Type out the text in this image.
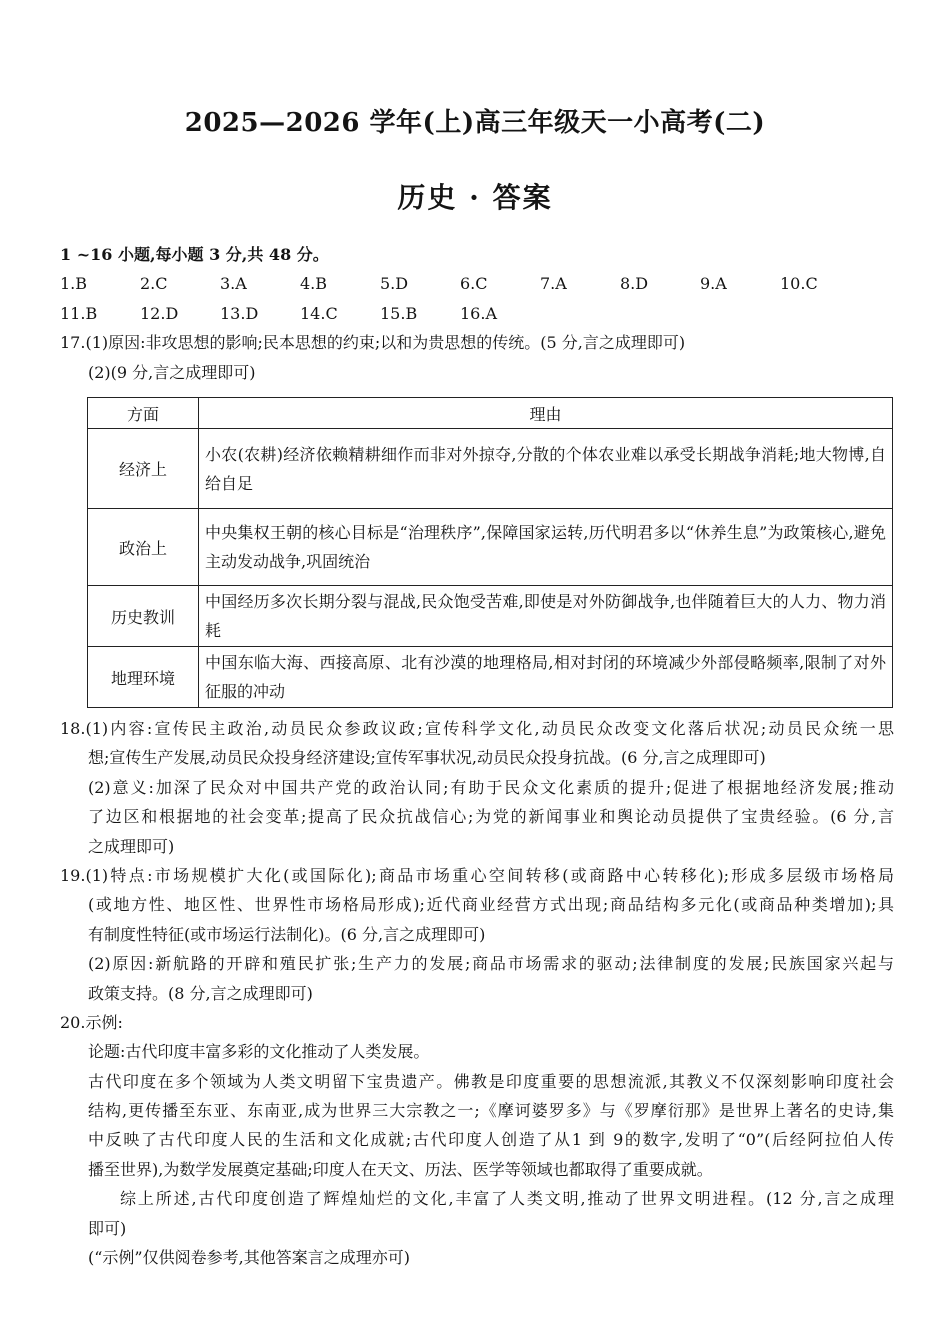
2025—2026 学年(上)高三年级天一小高考(二)
历史 · 答案
1 ~16 小题,每小题 3 分,共 48 分。
1.B	2.C	3.A	4.B	5.D	6.C	7.A	8.D	9.A	10.C
11.B	12.D	13.D	14.C	15.B	16.A
17.(1)原因:非攻思想的影响;民本思想的约束;以和为贵思想的传统。(5 分,言之成理即可)
(2)(9 分,言之成理即可)
方面	理由
经济上	小农(农耕)经济依赖精耕细作而非对外掠夺,分散的个体农业难以承受长期战争消耗;地大物博,自给自足
政治上	中央集权王朝的核心目标是“治理秩序”,保障国家运转,历代明君多以“休养生息”为政策核心,避免主动发动战争,巩固统治
历史教训	中国经历多次长期分裂与混战,民众饱受苦难,即使是对外防御战争,也伴随着巨大的人力、物力消耗
地理环境	中国东临大海、西接高原、北有沙漠的地理格局,相对封闭的环境减少外部侵略频率,限制了对外征服的冲动
18.(1)内容:宣传民主政治,动员民众参政议政;宣传科学文化,动员民众改变文化落后状况;动员民众统一思
想;宣传生产发展,动员民众投身经济建设;宣传军事状况,动员民众投身抗战。(6 分,言之成理即可)
(2)意义:加深了民众对中国共产党的政治认同;有助于民众文化素质的提升;促进了根据地经济发展;推动
了边区和根据地的社会变革;提高了民众抗战信心;为党的新闻事业和舆论动员提供了宝贵经验。(6 分,言
之成理即可)
19.(1)特点:市场规模扩大化(或国际化);商品市场重心空间转移(或商路中心转移化);形成多层级市场格局
(或地方性、地区性、世界性市场格局形成);近代商业经营方式出现;商品结构多元化(或商品种类增加);具
有制度性特征(或市场运行法制化)。(6 分,言之成理即可)
(2)原因:新航路的开辟和殖民扩张;生产力的发展;商品市场需求的驱动;法律制度的发展;民族国家兴起与
政策支持。(8 分,言之成理即可)
20.示例:
论题:古代印度丰富多彩的文化推动了人类发展。
古代印度在多个领域为人类文明留下宝贵遗产。佛教是印度重要的思想流派,其教义不仅深刻影响印度社会
结构,更传播至东亚、东南亚,成为世界三大宗教之一;《摩诃婆罗多》与《罗摩衍那》是世界上著名的史诗,集
中反映了古代印度人民的生活和文化成就;古代印度人创造了从1 到 9的数字,发明了“0”(后经阿拉伯人传
播至世界),为数学发展奠定基础;印度人在天文、历法、医学等领域也都取得了重要成就。
综上所述,古代印度创造了辉煌灿烂的文化,丰富了人类文明,推动了世界文明进程。(12 分,言之成理
即可)
(“示例”仅供阅卷参考,其他答案言之成理亦可)
